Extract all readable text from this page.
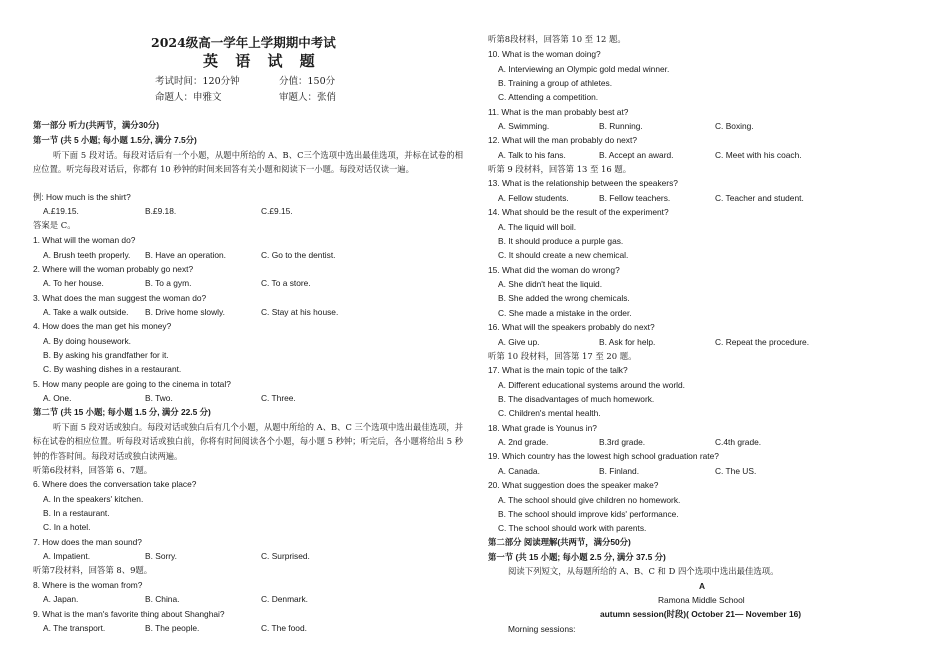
2024级高一学年上学期期中考试
英 语 试 题
考试时间：120分钟	分值：150分
命题人：申雅文	审题人：张俏
第一部分 听力(共两节，满分30分)
第一节 (共 5 小题; 每小题 1.5分, 满分 7.5分)
听下面 5 段对话。每段对话后有一个小题，从题中所给的 A、B、C三个选项中选出最佳选项，并标在试卷的相应位置。听完每段对话后，你都有 10 秒钟的时间来回答有关小题和阅读下一小题。每段对话仅读一遍。
例: How much is the shirt?
A.£19.15.	B.£9.18.	C.£9.15.
答案是 C。
1. What will the woman do?
A. Brush teeth properly. B. Have an operation.	C. Go to the dentist.
2. Where will the woman probably go next?
A. To her house.	B. To a gym.	C. To a store.
3. What does the man suggest the woman do?
A. Take a walk outside. B. Drive home slowly.	C. Stay at his house.
4. How does the man get his money?
A. By doing housework.
B. By asking his grandfather for it.
C. By washing dishes in a restaurant.
5. How many people are going to the cinema in total?
A. One.	B. Two.	C. Three.
第二节 (共 15 小题; 每小题 1.5 分, 满分 22.5 分)
听下面 5 段对话或独白。每段对话或独白后有几个小题，从题中所给的 A、B、C 三个选项中选出最佳选项，并标在试卷的相应位置。听每段对话或独白前，你将有时间阅读各个小题，每小题 5 秒钟；听完后，各小题将给出 5 秒钟的作答时间。每段对话或独白读两遍。
听第6段材料，回答第 6、7题。
6. Where does the conversation take place?
A. In the speakers' kitchen.
B. In a restaurant.
C. In a hotel.
7. How does the man sound?
A. Impatient.	B. Sorry.	C. Surprised.
听第7段材料，回答第 8、9题。
8. Where is the woman from?
A. Japan.	B. China.	C. Denmark.
9. What is the man's favorite thing about Shanghai?
A. The transport.	B. The people.	C. The food.
听第8段材料，回答第 10 至 12 题。
10. What is the woman doing?
A. Interviewing an Olympic gold medal winner.
B. Training a group of athletes.
C. Attending a competition.
11. What is the man probably best at?
A. Swimming.	B. Running.	C. Boxing.
12. What will the man probably do next?
A. Talk to his fans.	B. Accept an award.	C. Meet with his coach.
听第 9 段材料，回答第 13 至 16 题。
13. What is the relationship between the speakers?
A. Fellow students.	B. Fellow teachers.	C. Teacher and student.
14. What should be the result of the experiment?
A. The liquid will boil.
B. It should produce a purple gas.
C. It should create a new chemical.
15. What did the woman do wrong?
A. She didn't heat the liquid.
B. She added the wrong chemicals.
C. She made a mistake in the order.
16. What will the speakers probably do next?
A. Give up.	B. Ask for help.	C. Repeat the procedure.
听第 10 段材料，回答第 17 至 20 题。
17. What is the main topic of the talk?
A. Different educational systems around the world.
B. The disadvantages of much homework.
C. Children's mental health.
18. What grade is Younus in?
A. 2nd grade.	B.3rd grade.	C.4th grade.
19. Which country has the lowest high school graduation rate?
A. Canada.	B. Finland.	C. The US.
20. What suggestion does the speaker make?
A. The school should give children no homework.
B. The school should improve kids' performance.
C. The school should work with parents.
第二部分 阅读理解(共两节，满分50分)
第一节 (共 15 小题; 每小题 2.5 分, 满分 37.5 分)
阅读下列短文，从每题所给的 A、B、C 和 D 四个选项中选出最佳选项。
A
Ramona Middle School
autumn session(时段)( October 21— November 16)
Morning sessions:
